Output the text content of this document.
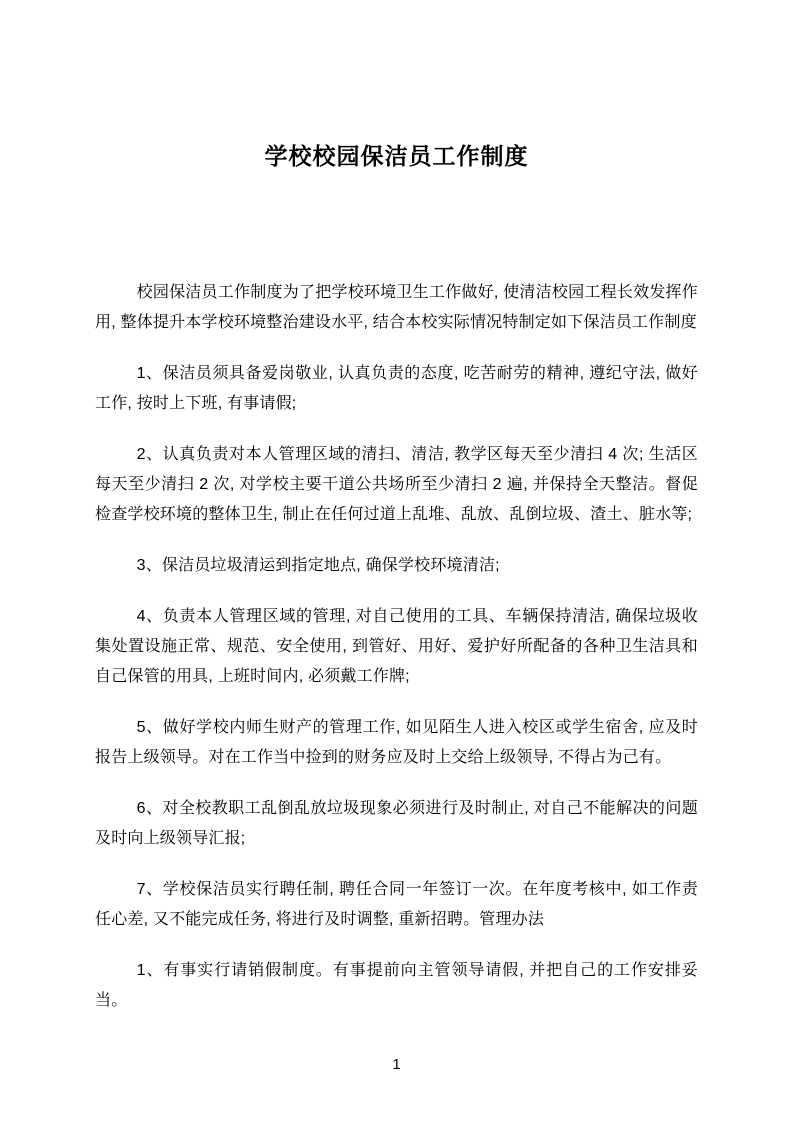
学校校园保洁员工作制度

校园保洁员工作制度为了把学校环境卫生工作做好, 使清洁校园工程长效发挥作用, 整体提升本学校环境整治建设水平, 结合本校实际情况特制定如下保洁员工作制度

1、保洁员须具备爱岗敬业, 认真负责的态度, 吃苦耐劳的精神, 遵纪守法, 做好工作, 按时上下班, 有事请假;

2、认真负责对本人管理区域的清扫、清洁, 教学区每天至少清扫 4 次; 生活区每天至少清扫 2 次, 对学校主要干道公共场所至少清扫 2 遍, 并保持全天整洁。督促检查学校环境的整体卫生, 制止在任何过道上乱堆、乱放、乱倒垃圾、渣土、脏水等;

3、保洁员垃圾清运到指定地点, 确保学校环境清洁;

4、负责本人管理区域的管理, 对自己使用的工具、车辆保持清洁, 确保垃圾收集处置设施正常、规范、安全使用, 到管好、用好、爱护好所配备的各种卫生洁具和自己保管的用具, 上班时间内, 必须戴工作牌;

5、做好学校内师生财产的管理工作, 如见陌生人进入校区或学生宿舍, 应及时报告上级领导。对在工作当中捡到的财务应及时上交给上级领导, 不得占为己有。

6、对全校教职工乱倒乱放垃圾现象必须进行及时制止, 对自己不能解决的问题及时向上级领导汇报;

7、学校保洁员实行聘任制, 聘任合同一年签订一次。在年度考核中, 如工作责任心差, 又不能完成任务, 将进行及时调整, 重新招聘。管理办法

1、有事实行请销假制度。有事提前向主管领导请假, 并把自己的工作安排妥当。

1
